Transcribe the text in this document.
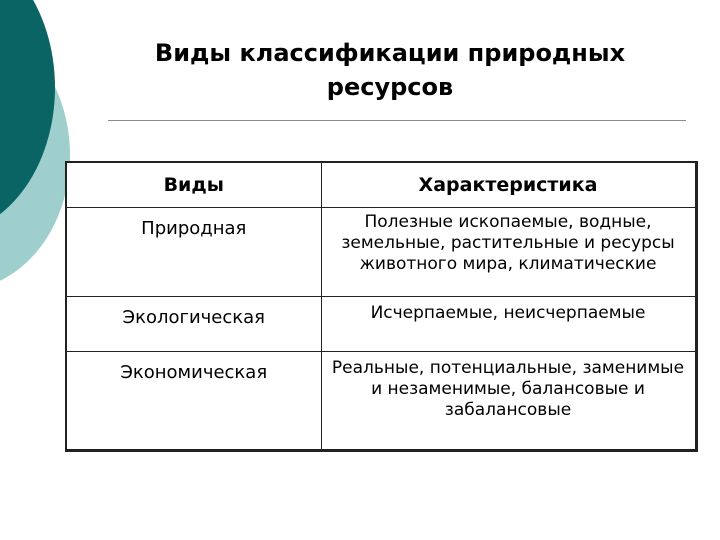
Виды классификации природных
ресурсов
Виды	Характеристика
Природная	Полезные ископаемые, водные,
земельные, растительные и ресурсы
животного мира, климатические

Экологическая	Исчерпаемые, неисчерпаемые

Экономическая	Реальные, потенциальные, заменимые
и незаменимые, балансовые и
забалансовые
